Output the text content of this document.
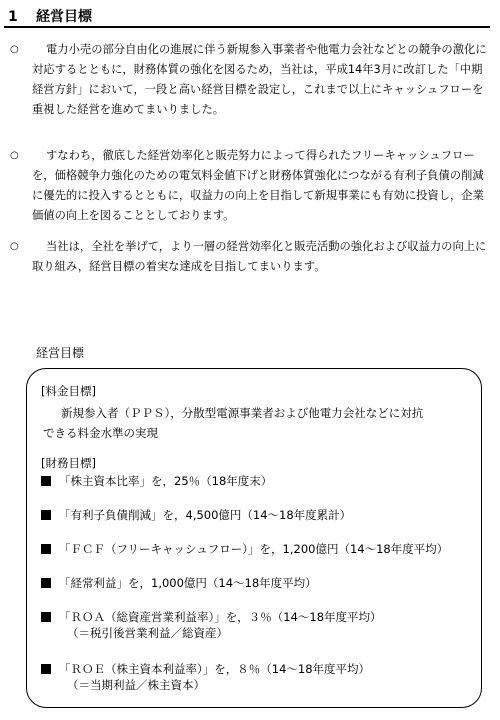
1 経営目標
○	電力小売の部分自由化の進展に伴う新規参入事業者や他電力会社などとの競争の激化に対応するとともに，財務体質の強化を図るため，当社は，平成14年3月に改訂した「中期経営方針」において，一段と高い経営目標を設定し，これまで以上にキャッシュフローを重視した経営を進めてまいりました。
○	すなわち，徹底した経営効率化と販売努力によって得られたフリーキャッシュフローを，価格競争力強化のための電気料金値下げと財務体質強化につながる有利子負債の削減に優先的に投入するとともに，収益力の向上を目指して新規事業にも有効に投資し，企業価値の向上を図ることとしております。
○	当社は，全社を挙げて，より一層の経営効率化と販売活動の強化および収益力の向上に取り組み，経営目標の着実な達成を目指してまいります。
経営目標
[料金目標]
新規参入者（ＰＰＳ），分散型電源事業者および他電力会社などに対抗
できる料金水準の実現
[財務目標]
「株主資本比率」を，25％（18年度末）
「有利子負債削減」を，4,500億円（14～18年度累計）
「ＦＣＦ（フリーキャッシュフロー）」を，1,200億円（14～18年度平均）
「経常利益」を，1,000億円（14～18年度平均）
「ＲＯＡ（総資産営業利益率）」を，３％（14～18年度平均）
（＝税引後営業利益／総資産）
「ＲＯＥ（株主資本利益率）」を，８％（14～18年度平均）
（＝当期利益／株主資本）
